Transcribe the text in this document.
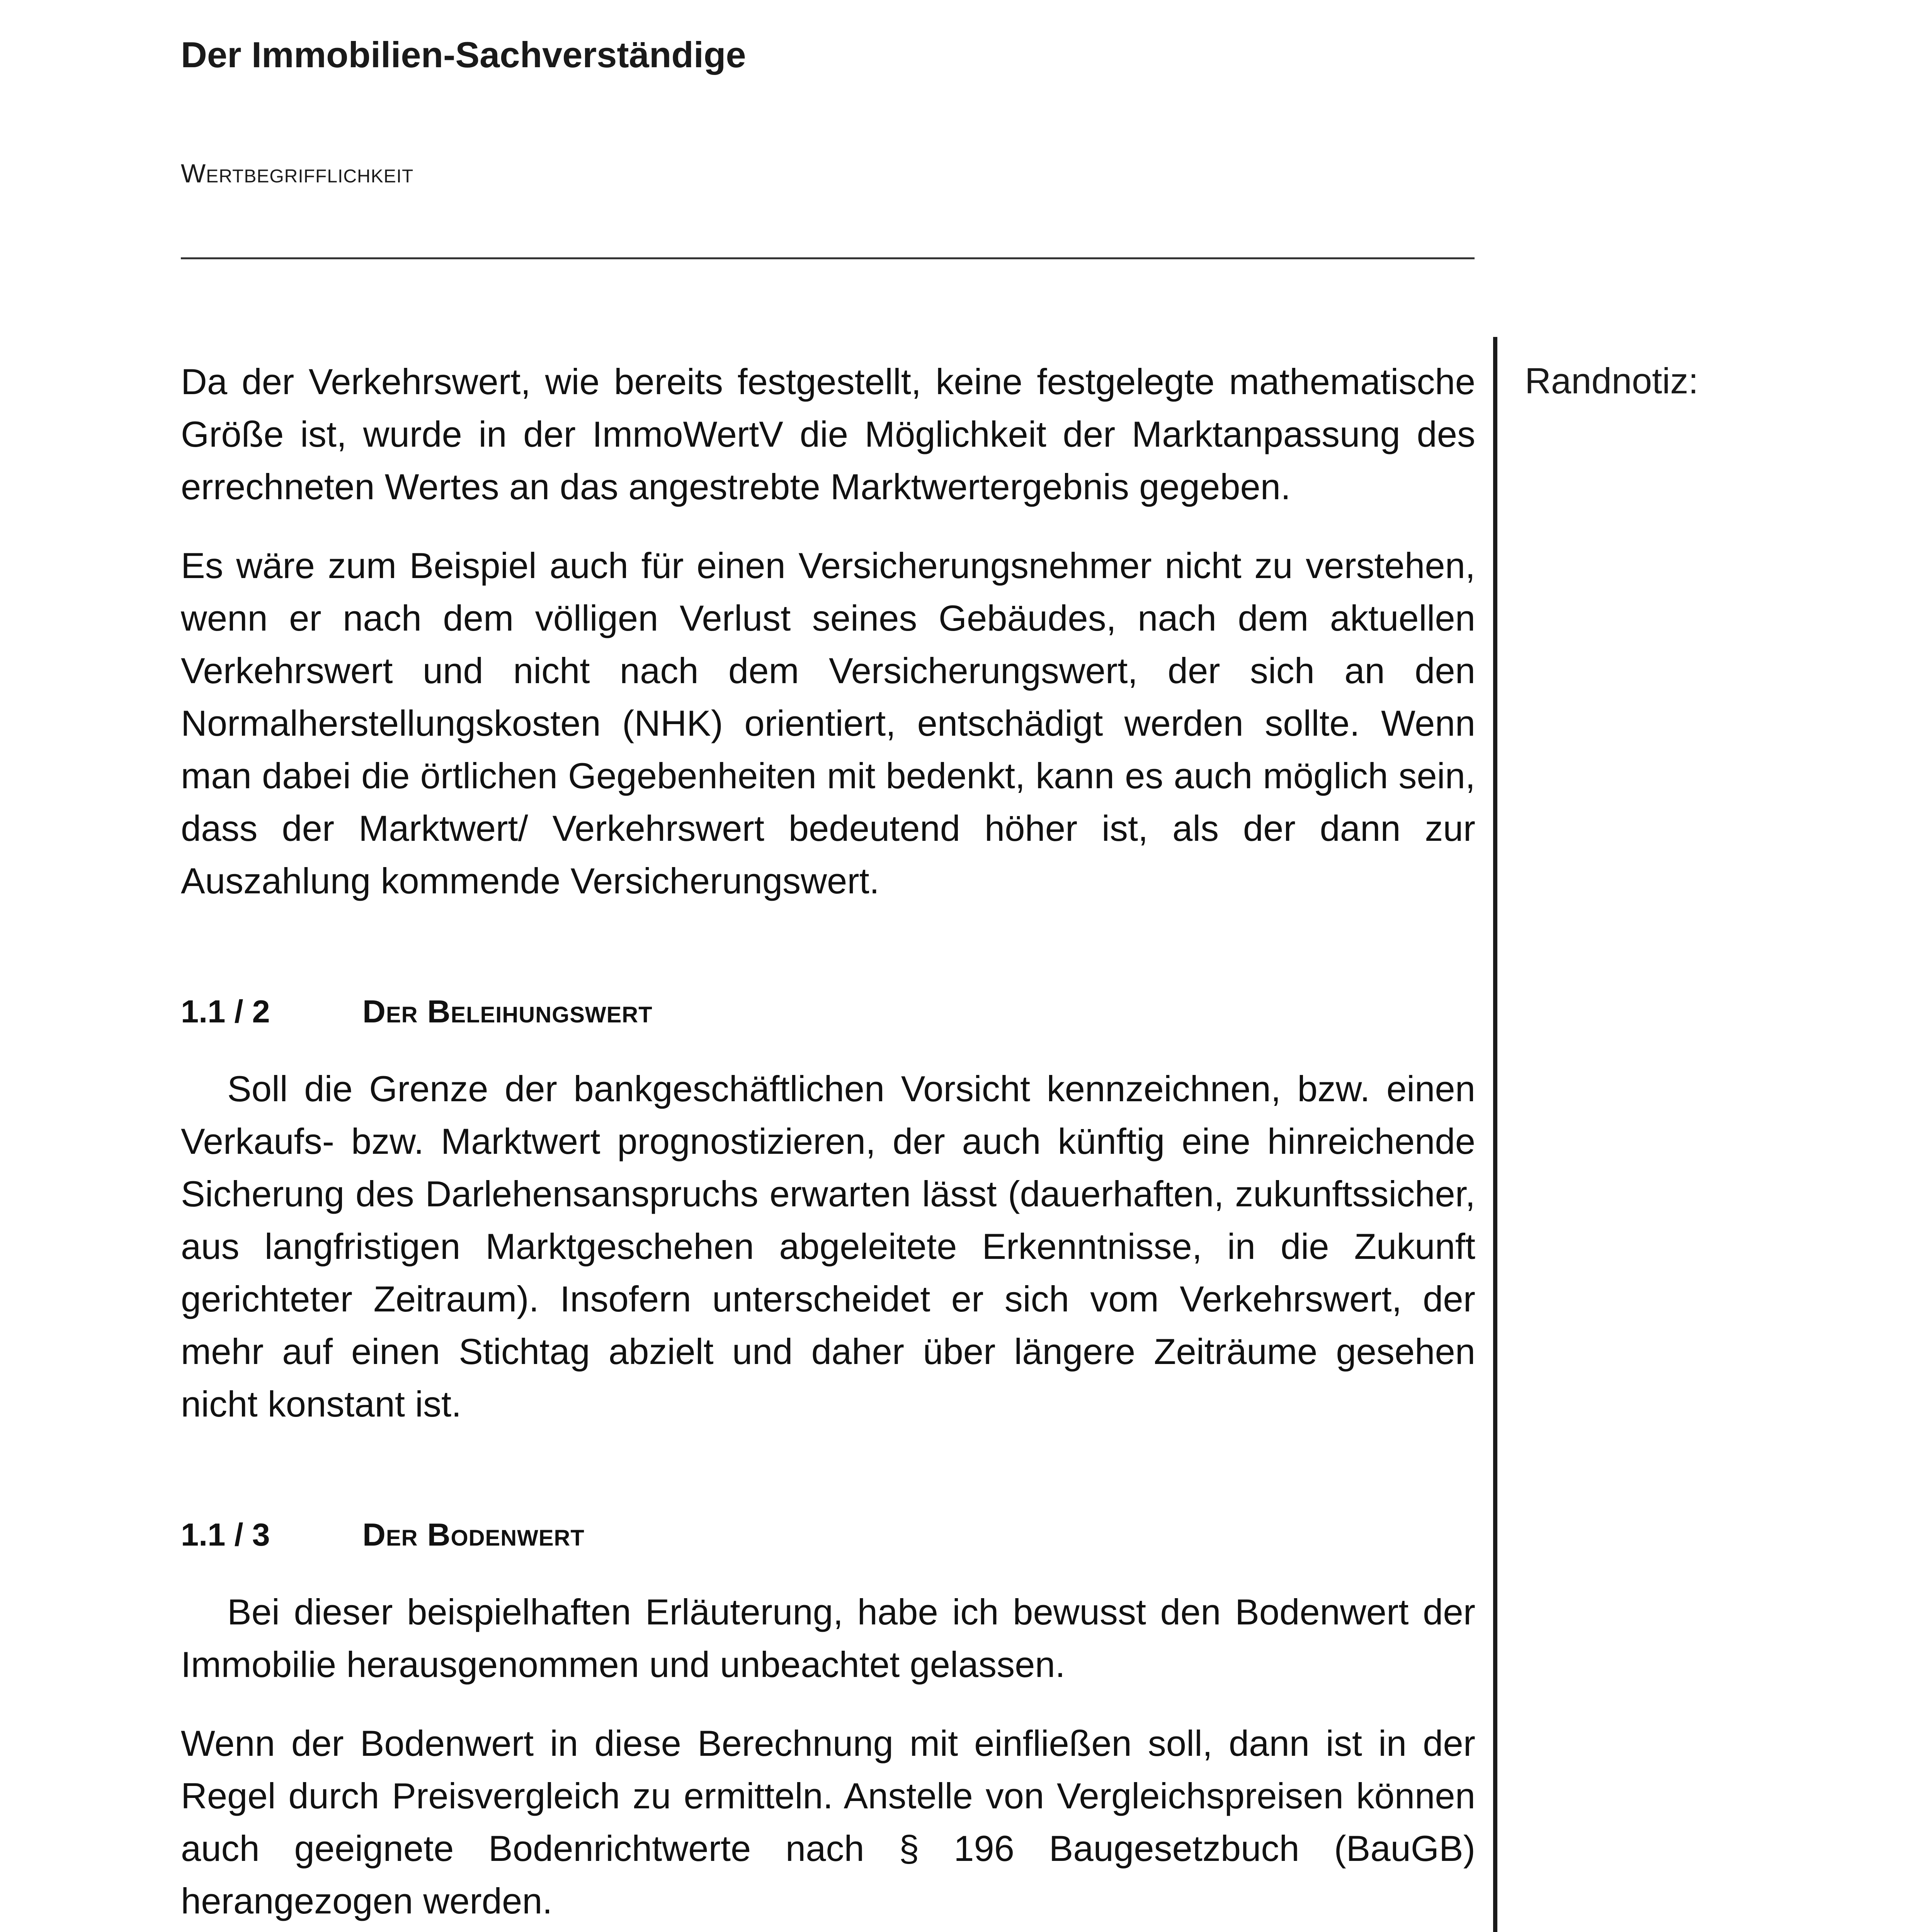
Der Immobilien-Sachverständige
Wertbegrifflichkeit
Randnotiz:

Da der Verkehrswert, wie bereits festgestellt, keine festgelegte mathematische Größe ist, wurde in der ImmoWertV die Möglichkeit der Marktanpassung des errechneten Wertes an das angestrebte Marktwertergebnis gegeben.

Es wäre zum Beispiel auch für einen Versicherungsnehmer nicht zu verstehen, wenn er nach dem völligen Verlust seines Gebäudes, nach dem aktuellen Verkehrswert und nicht nach dem Versicherungswert, der sich an den Normalherstellungskosten (NHK) orientiert, entschädigt werden sollte. Wenn man dabei die örtlichen Gegebenheiten mit bedenkt, kann es auch möglich sein, dass der Marktwert/ Verkehrswert bedeutend höher ist, als der dann zur Auszahlung kommende Versicherungswert.

1.1 / 2	Der Beleihungswert

Soll die Grenze der bankgeschäftlichen Vorsicht kennzeichnen, bzw. einen Verkaufs- bzw. Marktwert prognostizieren, der auch künftig eine hinreichende Sicherung des Darlehensanspruchs erwarten lässt (dauerhaften, zukunftssicher, aus langfristigen Marktgeschehen abgeleitete Erkenntnisse, in die Zukunft gerichteter Zeitraum). Insofern unterscheidet er sich vom Verkehrswert, der mehr auf einen Stichtag abzielt und daher über längere Zeiträume gesehen nicht konstant ist.

1.1 / 3	Der Bodenwert

Bei dieser beispielhaften Erläuterung, habe ich bewusst den Bodenwert der Immobilie herausgenommen und unbeachtet gelassen.

Wenn der Bodenwert in diese Berechnung mit einfließen soll, dann ist in der Regel durch Preisvergleich zu ermitteln. Anstelle von Vergleichspreisen können auch geeignete Bodenrichtwerte nach § 196 Baugesetzbuch (BauGB) herangezogen werden.
